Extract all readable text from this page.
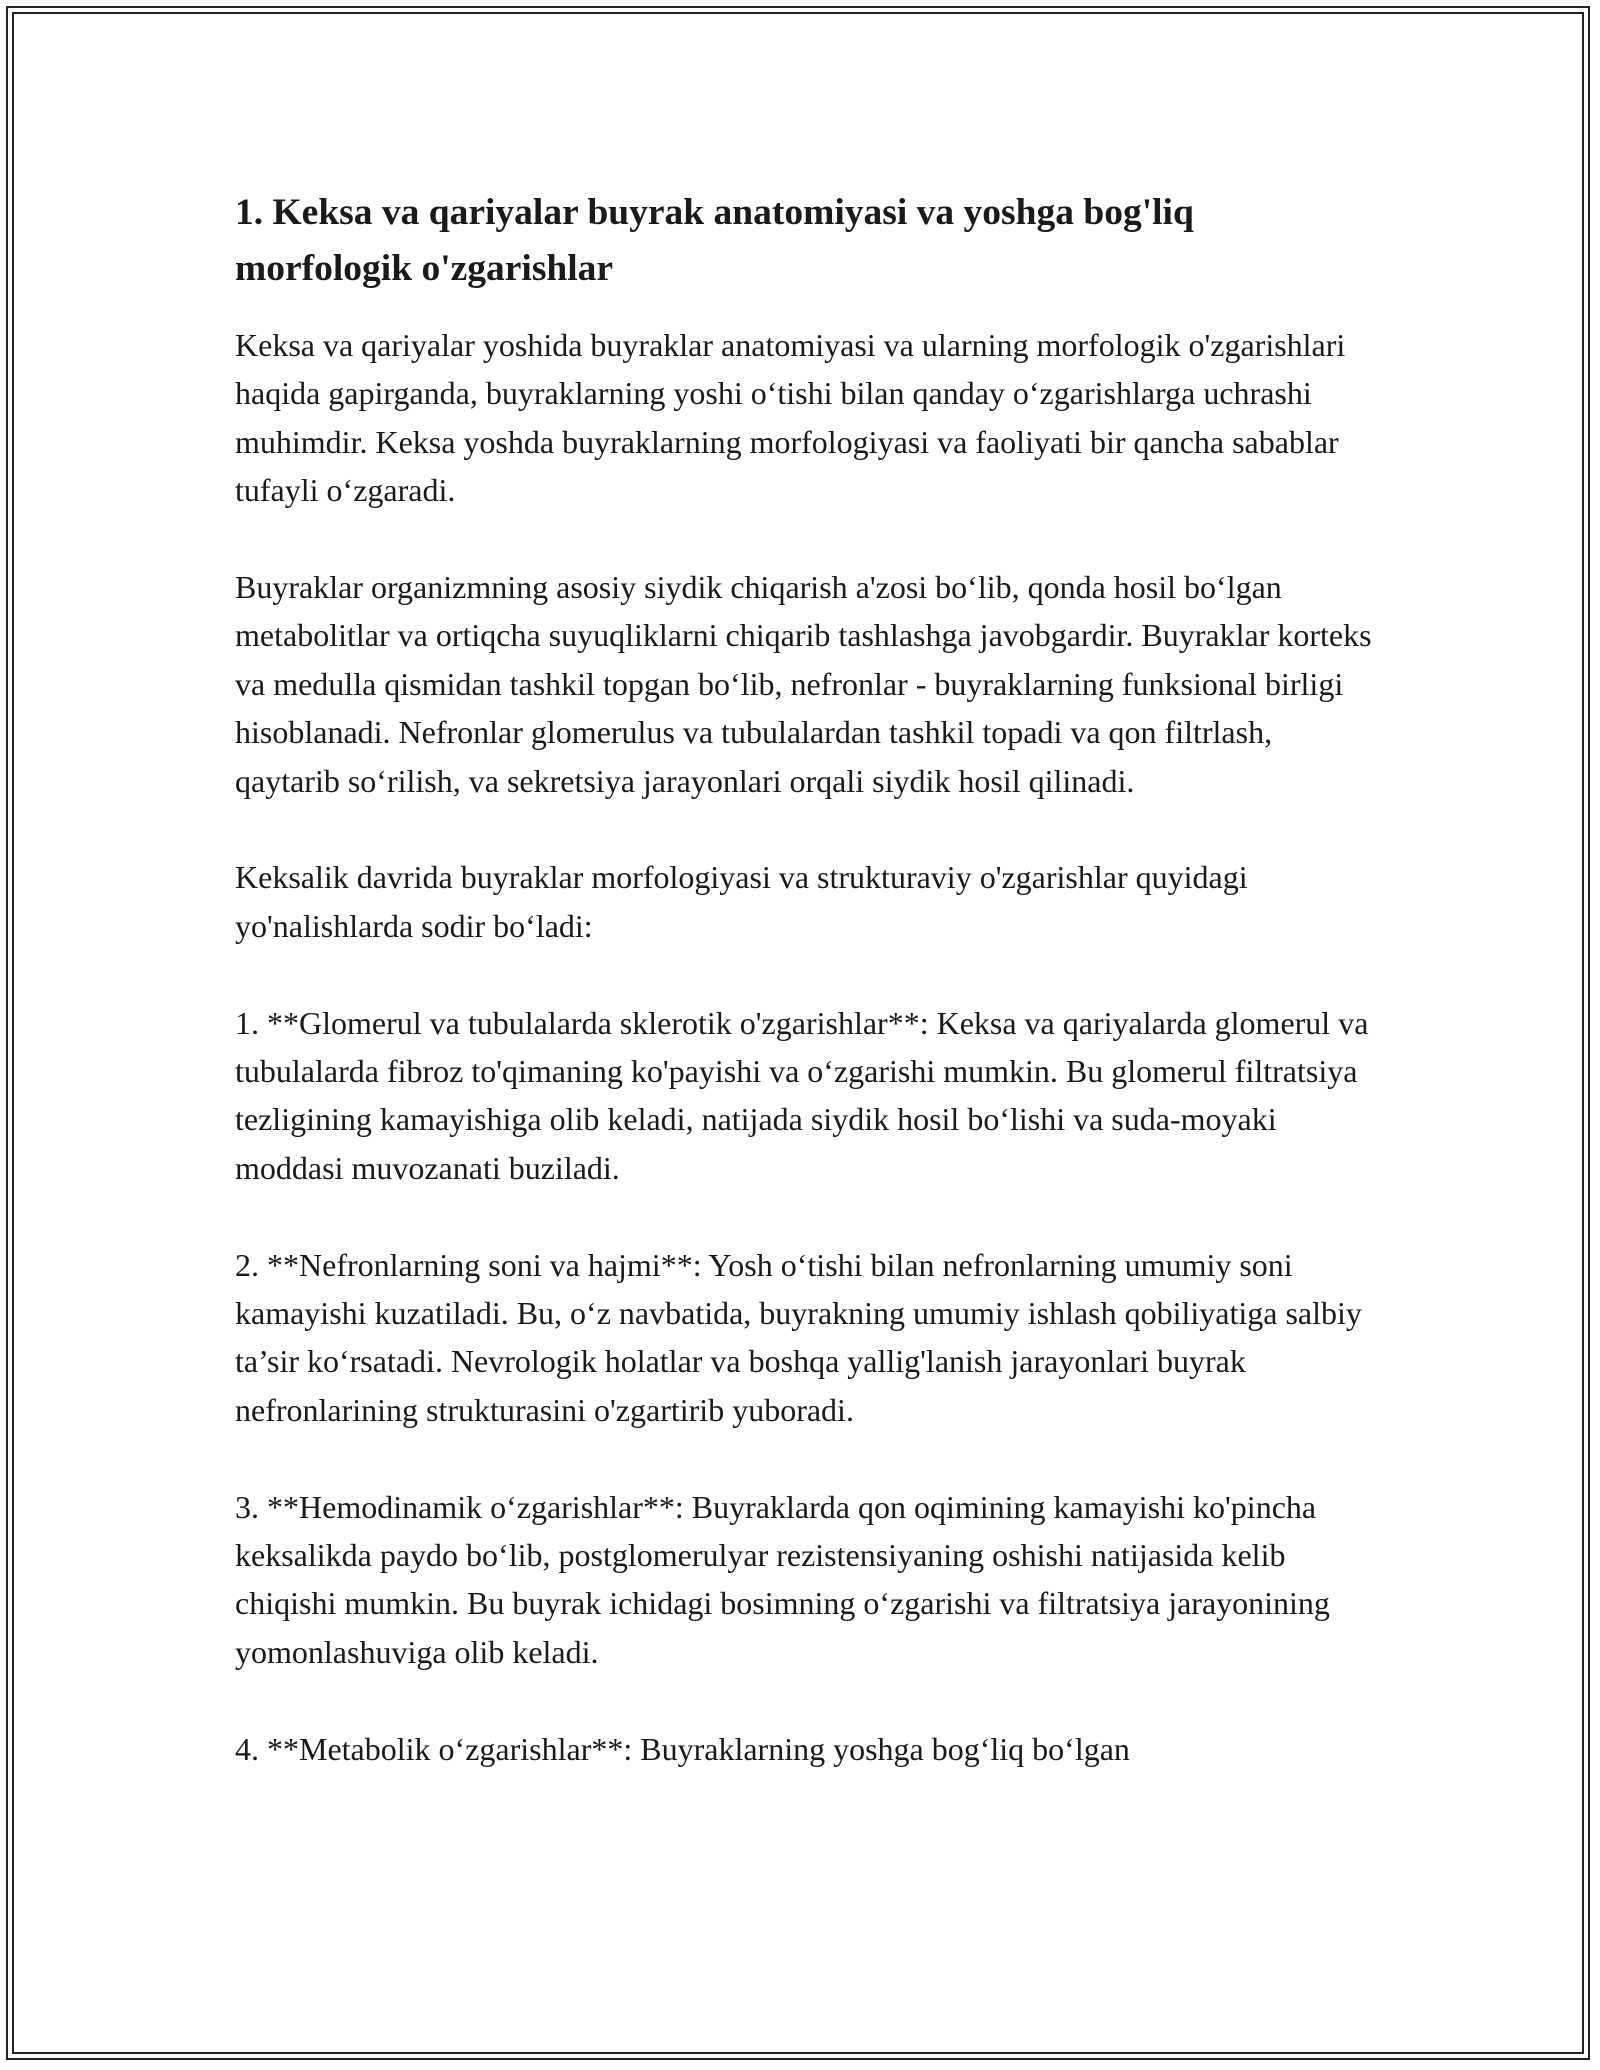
1. Keksa va qariyalar buyrak anatomiyasi va yoshga bog'liq morfologik o'zgarishlar

Keksa va qariyalar yoshida buyraklar anatomiyasi va ularning morfologik o'zgarishlari haqida gapirganda, buyraklarning yoshi o‘tishi bilan qanday o‘zgarishlarga uchrashi muhimdir. Keksa yoshda buyraklarning morfologiyasi va faoliyati bir qancha sabablar tufayli o‘zgaradi.

Buyraklar organizmning asosiy siydik chiqarish a'zosi bo‘lib, qonda hosil bo‘lgan metabolitlar va ortiqcha suyuqliklarni chiqarib tashlashga javobgardir. Buyraklar korteks va medulla qismidan tashkil topgan bo‘lib, nefronlar - buyraklarning funksional birligi hisoblanadi. Nefronlar glomerulus va tubulalardan tashkil topadi va qon filtrlash, qaytarib so‘rilish, va sekretsiya jarayonlari orqali siydik hosil qilinadi.

Keksalik davrida buyraklar morfologiyasi va strukturaviy o'zgarishlar quyidagi yo'nalishlarda sodir bo‘ladi:

1. **Glomerul va tubulalarda sklerotik o'zgarishlar**: Keksa va qariyalarda glomerul va tubulalarda fibroz to'qimaning ko'payishi va o‘zgarishi mumkin. Bu glomerul filtratsiya tezligining kamayishiga olib keladi, natijada siydik hosil bo‘lishi va suda-moyaki moddasi muvozanati buziladi.

2. **Nefronlarning soni va hajmi**: Yosh o‘tishi bilan nefronlarning umumiy soni kamayishi kuzatiladi. Bu, o‘z navbatida, buyrakning umumiy ishlash qobiliyatiga salbiy ta’sir ko‘rsatadi. Nevrologik holatlar va boshqa yallig'lanish jarayonlari buyrak nefronlarining strukturasini o'zgartirib yuboradi.

3. **Hemodinamik o‘zgarishlar**: Buyraklarda qon oqimining kamayishi ko'pincha keksalikda paydo bo‘lib, postglomerulyar rezistensiyaning oshishi natijasida kelib chiqishi mumkin. Bu buyrak ichidagi bosimning o‘zgarishi va filtratsiya jarayonining yomonlashuviga olib keladi.

4. **Metabolik o‘zgarishlar**: Buyraklarning yoshga bog‘liq bo‘lgan
